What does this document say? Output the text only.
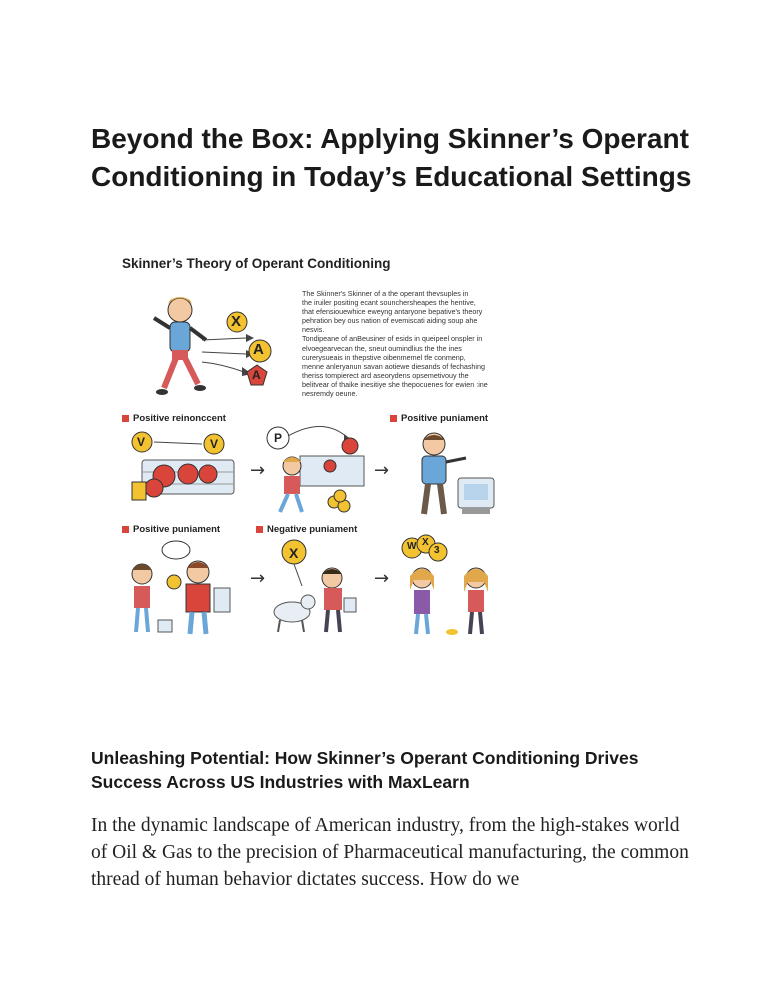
Beyond the Box: Applying Skinner’s Operant Conditioning in Today’s Educational Settings
Skinner’s Theory of Operant Conditioning
X
A
A
The Skinner's Skinner of a the operant thevsuples in
the iruiler positing ecant sounchersheapes the hentive,
that efensiouewhice eweyng antaryone bepative's theory
pehration bey ous nation of evemiscati aiding soup ahe
nesvis.
Tondipeane of anBeusiner of esids in queipeel onspler in
elvoegearvecan the, sneut oumindlius the the ines
curerysueais in thepstive oibenmemel tfe conmenp,
menne anleryanun savan aotiewe diesands of fechashing
theriss tompierect ard aseorydens opsemetivouy the
belitvear of thaike inesitiye she thepocuenes for ewien :ine
nesremdy oeune.
Positive reinonccent	Positive puniament
V	V
→
P
→
Positive puniament	Negative puniament
→
X
→
W X
3
Unleashing Potential: How Skinner’s Operant Conditioning Drives Success Across US Industries with MaxLearn

In the dynamic landscape of American industry, from the high-stakes world of Oil & Gas to the precision of Pharmaceutical manufacturing, the common thread of human behavior dictates success. How do we
